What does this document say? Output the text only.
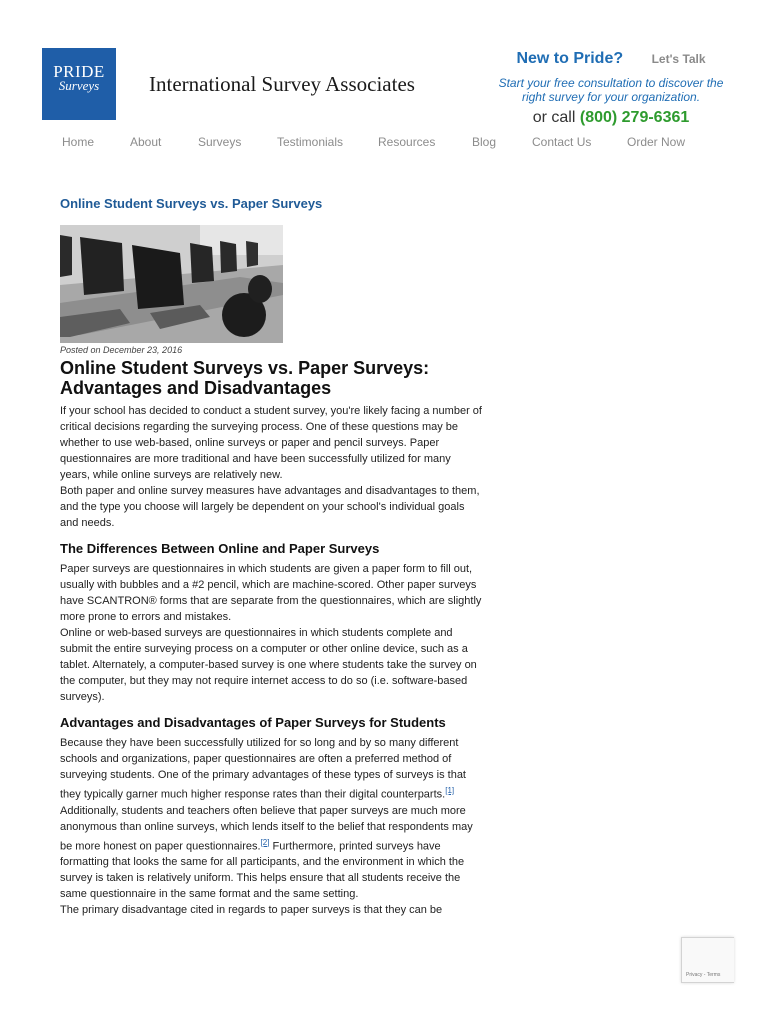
PRIDE
Surveys	International Survey Associates
New to Pride? Let's Talk
Start your free consultation to discover the right survey for your organization.
or call (800) 279-6361
Home	About	Surveys	Testimonials	Resources	Blog	Contact Us	Order Now
Online Student Surveys vs. Paper Surveys
Posted on December 23, 2016
Online Student Surveys vs. Paper Surveys: Advantages and Disadvantages

If your school has decided to conduct a student survey, you're likely facing a number of critical decisions regarding the surveying process. One of these questions may be whether to use web-based, online surveys or paper and pencil surveys. Paper questionnaires are more traditional and have been successfully utilized for many years, while online surveys are relatively new.

Both paper and online survey measures have advantages and disadvantages to them, and the type you choose will largely be dependent on your school's individual goals and needs.

The Differences Between Online and Paper Surveys

Paper surveys are questionnaires in which students are given a paper form to fill out, usually with bubbles and a #2 pencil, which are machine-scored. Other paper surveys have SCANTRON® forms that are separate from the questionnaires, which are slightly more prone to errors and mistakes.

Online or web-based surveys are questionnaires in which students complete and submit the entire surveying process on a computer or other online device, such as a tablet. Alternately, a computer-based survey is one where students take the survey on the computer, but they may not require internet access to do so (i.e. software-based surveys).

Advantages and Disadvantages of Paper Surveys for Students

Because they have been successfully utilized for so long and by so many different schools and organizations, paper questionnaires are often a preferred method of surveying students. One of the primary advantages of these types of surveys is that they typically garner much higher response rates than their digital counterparts.[1]

Additionally, students and teachers often believe that paper surveys are much more anonymous than online surveys, which lends itself to the belief that respondents may be more honest on paper questionnaires.[2] Furthermore, printed surveys have formatting that looks the same for all participants, and the environment in which the survey is taken is relatively uniform. This helps ensure that all students receive the same questionnaire in the same format and the same setting.

The primary disadvantage cited in regards to paper surveys is that they can be

Privacy - Terms
